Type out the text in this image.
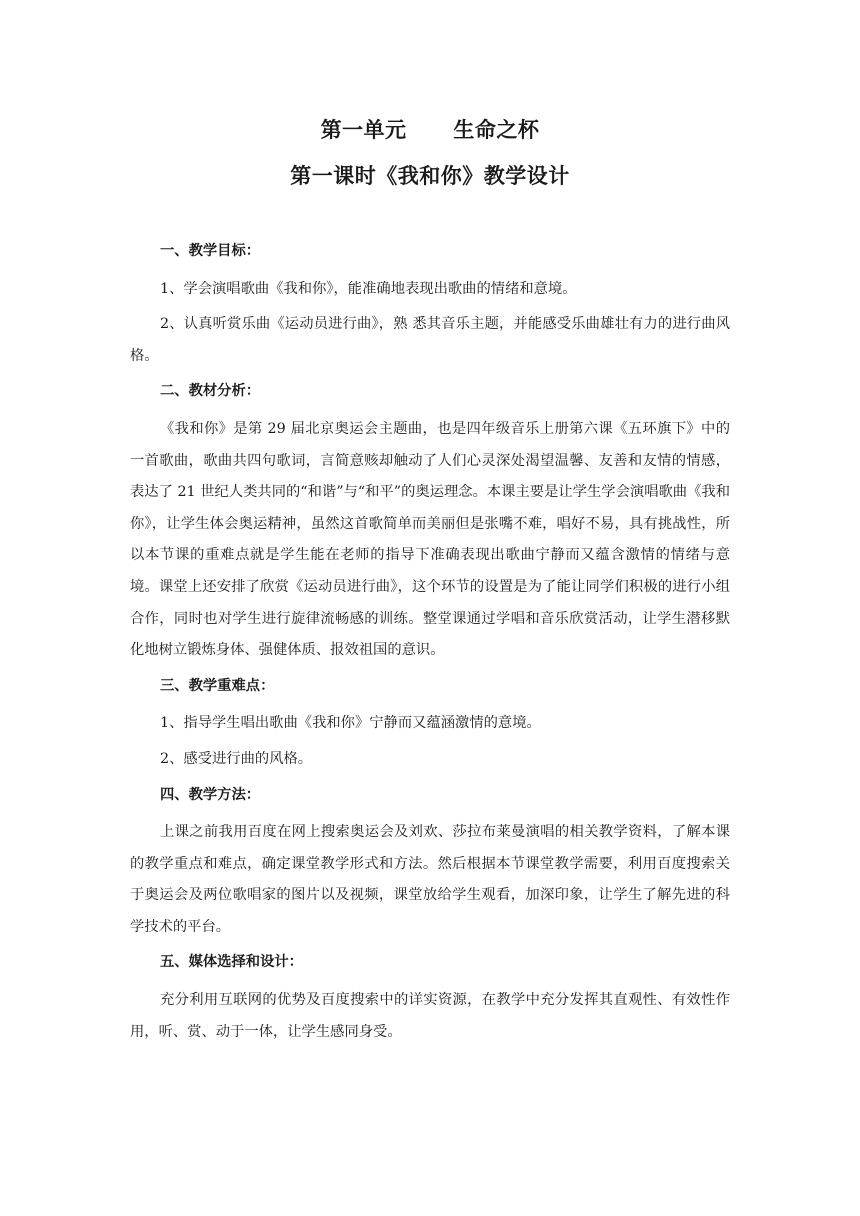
第一单元      生命之杯
第一课时《我和你》教学设计
一、教学目标：

1、学会演唱歌曲《我和你》，能准确地表现出歌曲的情绪和意境。

2、认真听赏乐曲《运动员进行曲》，熟 悉其音乐主题，并能感受乐曲雄壮有力的进行曲风格。

二、教材分析：

《我和你》是第 29 届北京奥运会主题曲，也是四年级音乐上册第六课《五环旗下》中的一首歌曲，歌曲共四句歌词，言简意赅却触动了人们心灵深处渴望温馨、友善和友情的情感，表达了 21 世纪人类共同的“和谐”与“和平”的奥运理念。本课主要是让学生学会演唱歌曲《我和你》，让学生体会奥运精神，虽然这首歌简单而美丽但是张嘴不难，唱好不易，具有挑战性，所以本节课的重难点就是学生能在老师的指导下准确表现出歌曲宁静而又蕴含激情的情绪与意境。课堂上还安排了欣赏《运动员进行曲》，这个环节的设置是为了能让同学们积极的进行小组合作，同时也对学生进行旋律流畅感的训练。整堂课通过学唱和音乐欣赏活动，让学生潜移默化地树立锻炼身体、强健体质、报效祖国的意识。

三、教学重难点：

1、指导学生唱出歌曲《我和你》宁静而又蕴涵激情的意境。

2、感受进行曲的风格。

四、教学方法：

上课之前我用百度在网上搜索奥运会及刘欢、莎拉布莱曼演唱的相关教学资料，了解本课的教学重点和难点，确定课堂教学形式和方法。然后根据本节课堂教学需要，利用百度搜索关于奥运会及两位歌唱家的图片以及视频，课堂放给学生观看，加深印象，让学生了解先进的科学技术的平台。

五、媒体选择和设计：

充分利用互联网的优势及百度搜索中的详实资源，在教学中充分发挥其直观性、有效性作用，听、赏、动于一体，让学生感同身受。
